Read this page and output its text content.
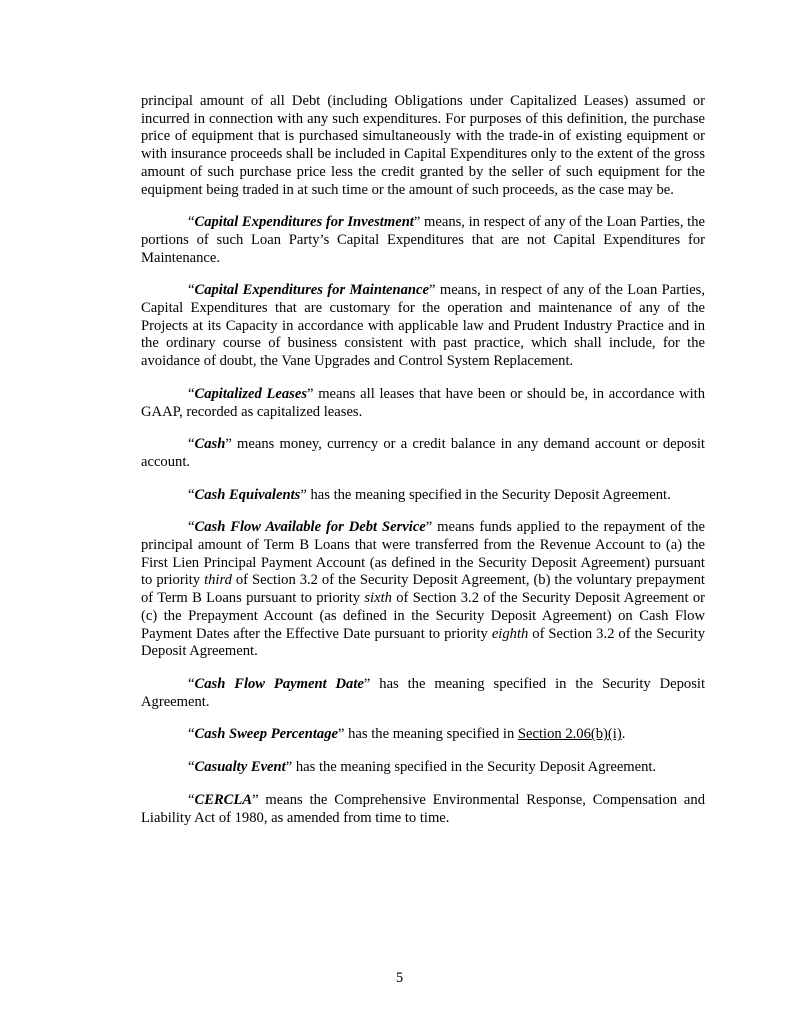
principal amount of all Debt (including Obligations under Capitalized Leases) assumed or incurred in connection with any such expenditures. For purposes of this definition, the purchase price of equipment that is purchased simultaneously with the trade-in of existing equipment or with insurance proceeds shall be included in Capital Expenditures only to the extent of the gross amount of such purchase price less the credit granted by the seller of such equipment for the equipment being traded in at such time or the amount of such proceeds, as the case may be.

“Capital Expenditures for Investment” means, in respect of any of the Loan Parties, the portions of such Loan Party’s Capital Expenditures that are not Capital Expenditures for Maintenance.

“Capital Expenditures for Maintenance” means, in respect of any of the Loan Parties, Capital Expenditures that are customary for the operation and maintenance of any of the Projects at its Capacity in accordance with applicable law and Prudent Industry Practice and in the ordinary course of business consistent with past practice, which shall include, for the avoidance of doubt, the Vane Upgrades and Control System Replacement.

“Capitalized Leases” means all leases that have been or should be, in accordance with GAAP, recorded as capitalized leases.

“Cash” means money, currency or a credit balance in any demand account or deposit account.

“Cash Equivalents” has the meaning specified in the Security Deposit Agreement.

“Cash Flow Available for Debt Service” means funds applied to the repayment of the principal amount of Term B Loans that were transferred from the Revenue Account to (a) the First Lien Principal Payment Account (as defined in the Security Deposit Agreement) pursuant to priority third of Section 3.2 of the Security Deposit Agreement, (b) the voluntary prepayment of Term B Loans pursuant to priority sixth of Section 3.2 of the Security Deposit Agreement or (c) the Prepayment Account (as defined in the Security Deposit Agreement) on Cash Flow Payment Dates after the Effective Date pursuant to priority eighth of Section 3.2 of the Security Deposit Agreement.

“Cash Flow Payment Date” has the meaning specified in the Security Deposit Agreement.

“Cash Sweep Percentage” has the meaning specified in Section 2.06(b)(i).

“Casualty Event” has the meaning specified in the Security Deposit Agreement.

“CERCLA” means the Comprehensive Environmental Response, Compensation and Liability Act of 1980, as amended from time to time.

5
